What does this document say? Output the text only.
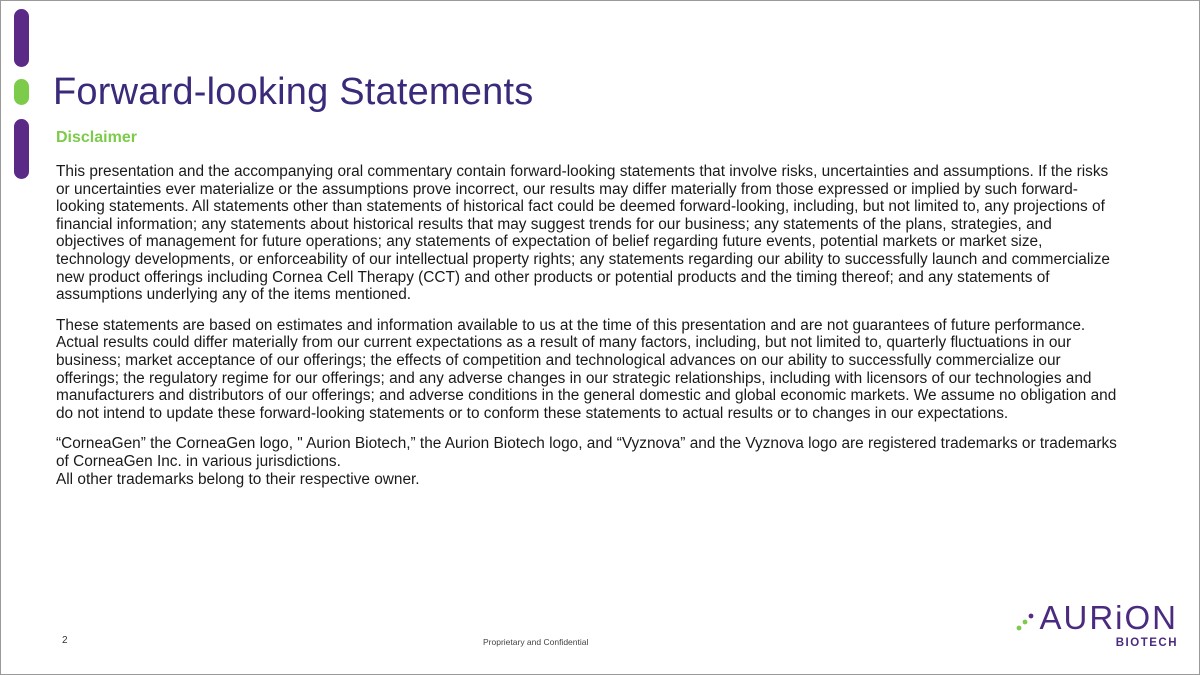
Forward-looking Statements
Disclaimer

This presentation and the accompanying oral commentary contain forward-looking statements that involve risks, uncertainties and assumptions. If the risks or uncertainties ever materialize or the assumptions prove incorrect, our results may differ materially from those expressed or implied by such forward-looking statements. All statements other than statements of historical fact could be deemed forward-looking, including, but not limited to, any projections of financial information; any statements about historical results that may suggest trends for our business; any statements of the plans, strategies, and objectives of management for future operations; any statements of expectation of belief regarding future events, potential markets or market size, technology developments, or enforceability of our intellectual property rights; any statements regarding our ability to successfully launch and commercialize new product offerings including Cornea Cell Therapy (CCT) and other products or potential products and the timing thereof; and any statements of assumptions underlying any of the items mentioned.

These statements are based on estimates and information available to us at the time of this presentation and are not guarantees of future performance. Actual results could differ materially from our current expectations as a result of many factors, including, but not limited to, quarterly fluctuations in our business; market acceptance of our offerings; the effects of competition and technological advances on our ability to successfully commercialize our offerings; the regulatory regime for our offerings; and any adverse changes in our strategic relationships, including with licensors of our technologies and manufacturers and distributors of our offerings; and adverse conditions in the general domestic and global economic markets. We assume no obligation and do not intend to update these forward-looking statements or to conform these statements to actual results or to changes in our expectations.

“CorneaGen” the CorneaGen logo, " Aurion Biotech,” the Aurion Biotech logo, and “Vyznova” and the Vyznova logo are registered trademarks or trademarks of CorneaGen Inc. in various jurisdictions.

All other trademarks belong to their respective owner.

2	Proprietary and Confidential
AURiON
BIOTECH
